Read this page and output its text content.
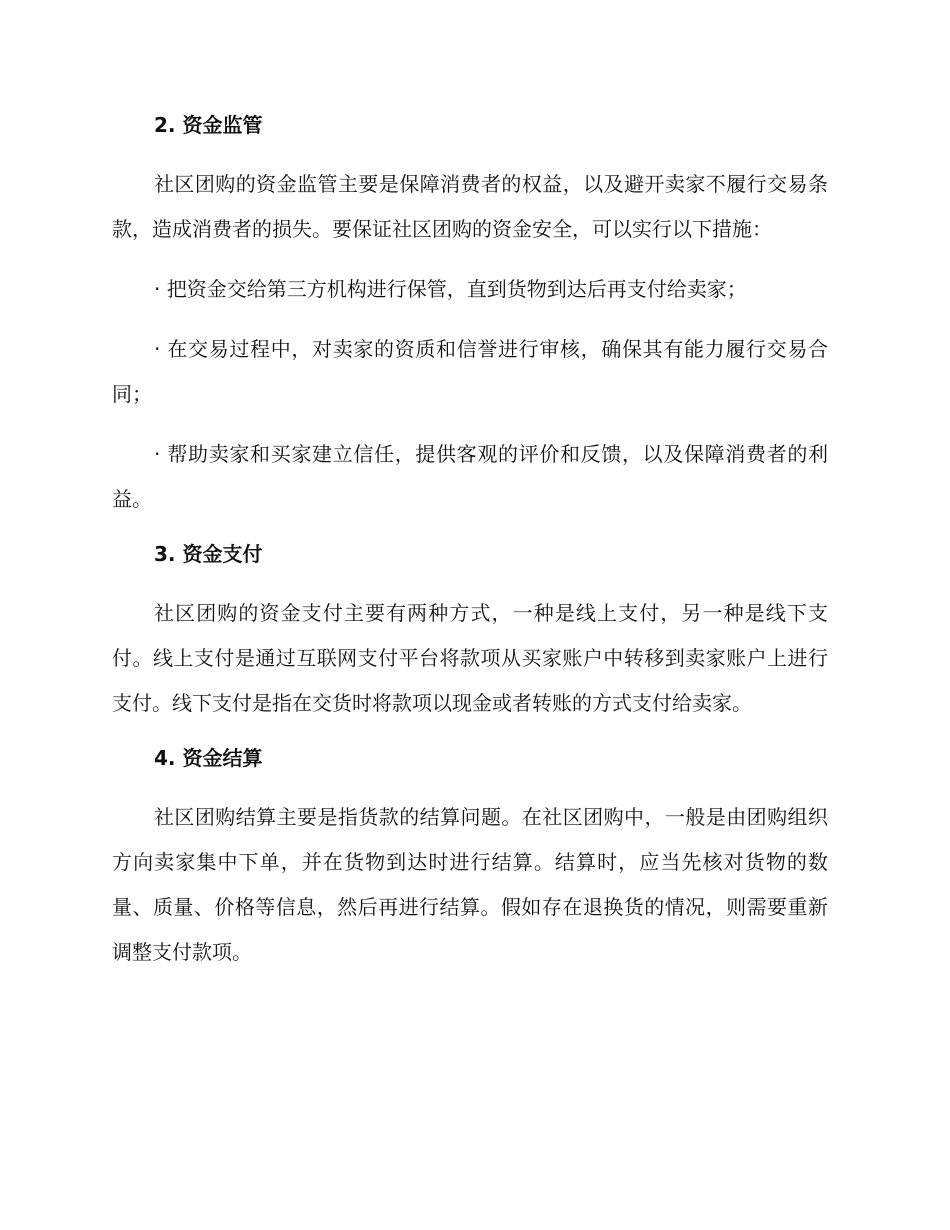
2. 资金监管

社区团购的资金监管主要是保障消费者的权益，以及避开卖家不履行交易条款，造成消费者的损失。要保证社区团购的资金安全，可以实行以下措施：

· 把资金交给第三方机构进行保管，直到货物到达后再支付给卖家；

· 在交易过程中，对卖家的资质和信誉进行审核，确保其有能力履行交易合同；

· 帮助卖家和买家建立信任，提供客观的评价和反馈，以及保障消费者的利益。

3. 资金支付

社区团购的资金支付主要有两种方式，一种是线上支付，另一种是线下支付。线上支付是通过互联网支付平台将款项从买家账户中转移到卖家账户上进行支付。线下支付是指在交货时将款项以现金或者转账的方式支付给卖家。

4. 资金结算

社区团购结算主要是指货款的结算问题。在社区团购中，一般是由团购组织方向卖家集中下单，并在货物到达时进行结算。结算时，应当先核对货物的数量、质量、价格等信息，然后再进行结算。假如存在退换货的情况，则需要重新调整支付款项。
